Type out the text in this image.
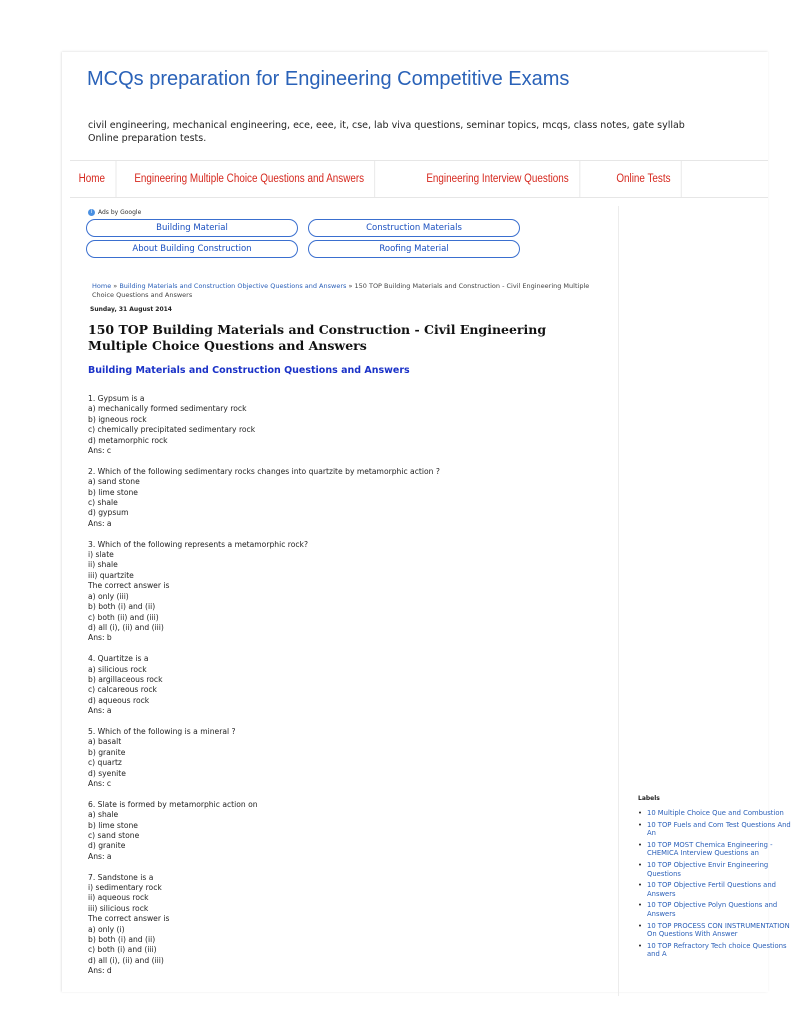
MCQs preparation for Engineering Competitive Exams
civil engineering, mechanical engineering, ece, eee, it, cse, lab viva questions, seminar topics, mcqs, class notes, gate syllab
Online preparation tests.
Home	Engineering Multiple Choice Questions and Answers	Engineering Interview Questions	Online Tests
i Ads by Google
Building Material	Construction Materials
About Building Construction	Roofing Material
Home » Building Materials and Construction Objective Questions and Answers » 150 TOP Building Materials and Construction - Civil Engineering Multiple Choice Questions and Answers
Sunday, 31 August 2014
150 TOP Building Materials and Construction - Civil Engineering Multiple Choice Questions and Answers
Building Materials and Construction Questions and Answers
1. Gypsum is a
a) mechanically formed sedimentary rock
b) igneous rock
c) chemically precipitated sedimentary rock
d) metamorphic rock
Ans: c
2. Which of the following sedimentary rocks changes into quartzite by metamorphic action ?
a) sand stone
b) lime stone
c) shale
d) gypsum
Ans: a
3. Which of the following represents a metamorphic rock?
i) slate
ii) shale
iii) quartzite
The correct answer is
a) only (iii)
b) both (i) and (ii)
c) both (ii) and (iii)
d) all (i), (ii) and (iii)
Ans: b
4. Quartitze is a
a) silicious rock
b) argillaceous rock
c) calcareous rock
d) aqueous rock
Ans: a
5. Which of the following is a mineral ?
a) basalt
b) granite
c) quartz
d) syenite
Ans: c
6. Slate is formed by metamorphic action on
a) shale
b) lime stone
c) sand stone
d) granite
Ans: a
7. Sandstone is a
i) sedimentary rock
ii) aqueous rock
iii) silicious rock
The correct answer is
a) only (i)
b) both (i) and (ii)
c) both (i) and (iii)
d) all (i), (ii) and (iii)
Ans: d
Labels
• 10 Multiple Choice Que and Combustion
• 10 TOP Fuels and Com Test Questions And An
• 10 TOP MOST Chemica Engineering - CHEMICA Interview Questions an
• 10 TOP Objective Envir Engineering Questions
• 10 TOP Objective Fertil Questions and Answers
• 10 TOP Objective Polyn Questions and Answers
• 10 TOP PROCESS CON INSTRUMENTATION On Questions With Answer
• 10 TOP Refractory Tech choice Questions and A
